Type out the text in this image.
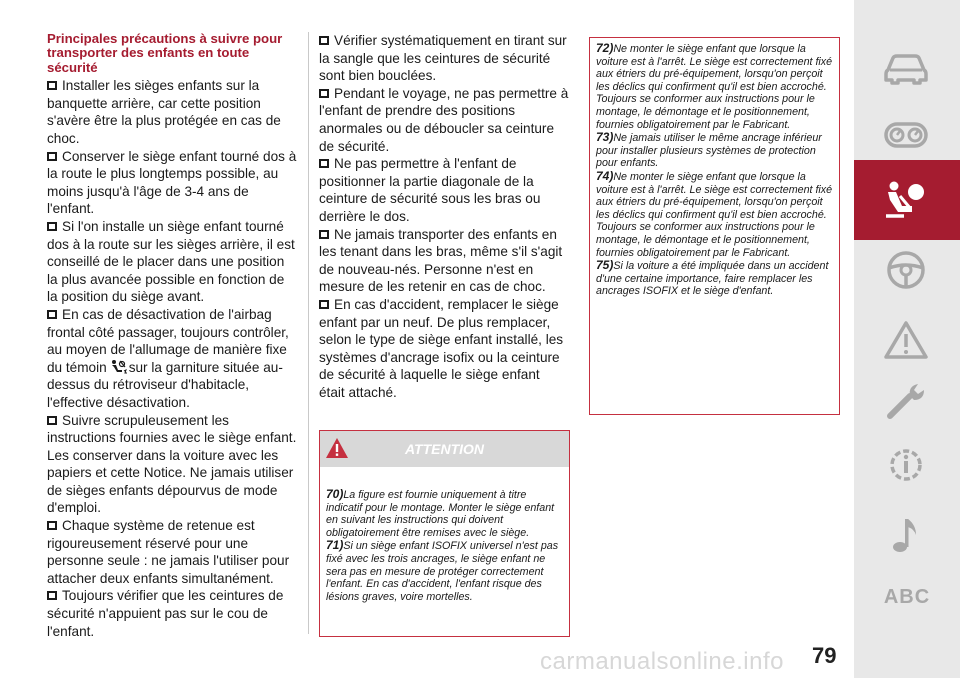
Principales précautions à suivre pour transporter des enfants en toute sécurité

Installer les sièges enfants sur la banquette arrière, car cette position s'avère être la plus protégée en cas de choc.

Conserver le siège enfant tourné dos à la route le plus longtemps possible, au moins jusqu'à l'âge de 3-4 ans de l'enfant.

Si l'on installe un siège enfant tourné dos à la route sur les sièges arrière, il est conseillé de le placer dans une position la plus avancée possible en fonction de la position du siège avant.

En cas de désactivation de l'airbag frontal côté passager, toujours contrôler, au moyen de l'allumage de manière fixe du témoin sur la garniture située au-dessus du rétroviseur d'habitacle, l'effective désactivation.

Suivre scrupuleusement les instructions fournies avec le siège enfant. Les conserver dans la voiture avec les papiers et cette Notice. Ne jamais utiliser de sièges enfants dépourvus de mode d'emploi.

Chaque système de retenue est rigoureusement réservé pour une personne seule : ne jamais l'utiliser pour attacher deux enfants simultanément.

Toujours vérifier que les ceintures de sécurité n'appuient pas sur le cou de l'enfant.

Vérifier systématiquement en tirant sur la sangle que les ceintures de sécurité sont bien bouclées.

Pendant le voyage, ne pas permettre à l'enfant de prendre des positions anormales ou de déboucler sa ceinture de sécurité.

Ne pas permettre à l'enfant de positionner la partie diagonale de la ceinture de sécurité sous les bras ou derrière le dos.

Ne jamais transporter des enfants en les tenant dans les bras, même s'il s'agit de nouveau-nés. Personne n'est en mesure de les retenir en cas de choc.

En cas d'accident, remplacer le siège enfant par un neuf. De plus remplacer, selon le type de siège enfant installé, les systèmes d'ancrage isofix ou la ceinture de sécurité à laquelle le siège enfant était attaché.

ATTENTION

70)La figure est fournie uniquement à titre indicatif pour le montage. Monter le siège enfant en suivant les instructions qui doivent obligatoirement être remises avec le siège.

71)Si un siège enfant ISOFIX universel n'est pas fixé avec les trois ancrages, le siège enfant ne sera pas en mesure de protéger correctement l'enfant. En cas d'accident, l'enfant risque des lésions graves, voire mortelles.

72)Ne monter le siège enfant que lorsque la voiture est à l'arrêt. Le siège est correctement fixé aux étriers du pré-équipement, lorsqu'on perçoit les déclics qui confirment qu'il est bien accroché. Toujours se conformer aux instructions pour le montage, le démontage et le positionnement, fournies obligatoirement par le Fabricant.

73)Ne jamais utiliser le même ancrage inférieur pour installer plusieurs systèmes de protection pour enfants.

74)Ne monter le siège enfant que lorsque la voiture est à l'arrêt. Le siège est correctement fixé aux étriers du pré-équipement, lorsqu'on perçoit les déclics qui confirment qu'il est bien accroché. Toujours se conformer aux instructions pour le montage, le démontage et le positionnement, fournies obligatoirement par le Fabricant.

75)Si la voiture a été impliquée dans un accident d'une certaine importance, faire remplacer les ancrages ISOFIX et le siège d'enfant.

ABC
carmanualsonline.info 79
